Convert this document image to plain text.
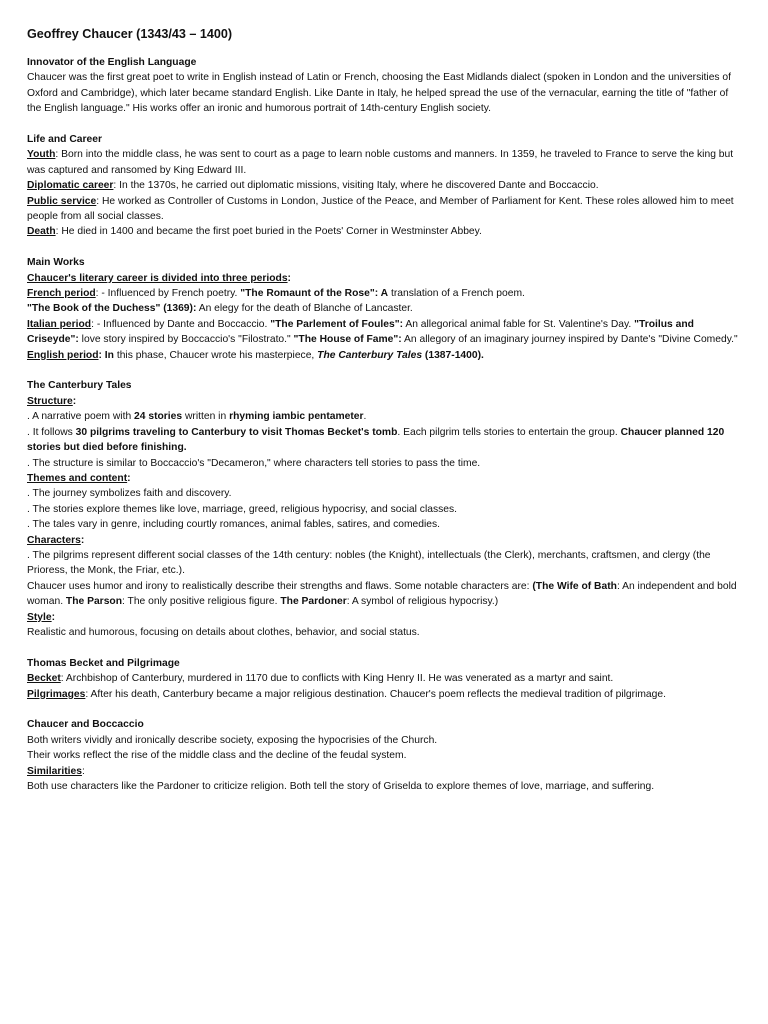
Geoffrey Chaucer (1343/43 – 1400)
Innovator of the English Language

Chaucer was the first great poet to write in English instead of Latin or French, choosing the East Midlands dialect (spoken in London and the universities of Oxford and Cambridge), which later became standard English. Like Dante in Italy, he helped spread the use of the vernacular, earning the title of "father of the English language." His works offer an ironic and humorous portrait of 14th-century English society.

Life and Career

Youth: Born into the middle class, he was sent to court as a page to learn noble customs and manners. In 1359, he traveled to France to serve the king but was captured and ransomed by King Edward III.

Diplomatic career: In the 1370s, he carried out diplomatic missions, visiting Italy, where he discovered Dante and Boccaccio.

Public service: He worked as Controller of Customs in London, Justice of the Peace, and Member of Parliament for Kent. These roles allowed him to meet people from all social classes.

Death: He died in 1400 and became the first poet buried in the Poets' Corner in Westminster Abbey.

Main Works

Chaucer's literary career is divided into three periods:

French period: - Influenced by French poetry. "The Romaunt of the Rose": A translation of a French poem.

"The Book of the Duchess" (1369): An elegy for the death of Blanche of Lancaster.

Italian period: - Influenced by Dante and Boccaccio. "The Parlement of Foules": An allegorical animal fable for St. Valentine's Day. "Troilus and Criseyde": love story inspired by Boccaccio's "Filostrato." "The House of Fame": An allegory of an imaginary journey inspired by Dante's "Divine Comedy."

English period: In this phase, Chaucer wrote his masterpiece, The Canterbury Tales (1387-1400).

The Canterbury Tales

Structure:

. A narrative poem with 24 stories written in rhyming iambic pentameter.

. It follows 30 pilgrims traveling to Canterbury to visit Thomas Becket's tomb. Each pilgrim tells stories to entertain the group. Chaucer planned 120 stories but died before finishing.

. The structure is similar to Boccaccio's "Decameron," where characters tell stories to pass the time.

Themes and content:

. The journey symbolizes faith and discovery.

. The stories explore themes like love, marriage, greed, religious hypocrisy, and social classes.

. The tales vary in genre, including courtly romances, animal fables, satires, and comedies.

Characters:

. The pilgrims represent different social classes of the 14th century: nobles (the Knight), intellectuals (the Clerk), merchants, craftsmen, and clergy (the Prioress, the Monk, the Friar, etc.).

Chaucer uses humor and irony to realistically describe their strengths and flaws. Some notable characters are: (The Wife of Bath: An independent and bold woman. The Parson: The only positive religious figure. The Pardoner: A symbol of religious hypocrisy.)

Style:

Realistic and humorous, focusing on details about clothes, behavior, and social status.

Thomas Becket and Pilgrimage

Becket: Archbishop of Canterbury, murdered in 1170 due to conflicts with King Henry II. He was venerated as a martyr and saint.

Pilgrimages: After his death, Canterbury became a major religious destination. Chaucer's poem reflects the medieval tradition of pilgrimage.

Chaucer and Boccaccio

Both writers vividly and ironically describe society, exposing the hypocrisies of the Church.

Their works reflect the rise of the middle class and the decline of the feudal system.

Similarities:

Both use characters like the Pardoner to criticize religion. Both tell the story of Griselda to explore themes of love, marriage, and suffering.
